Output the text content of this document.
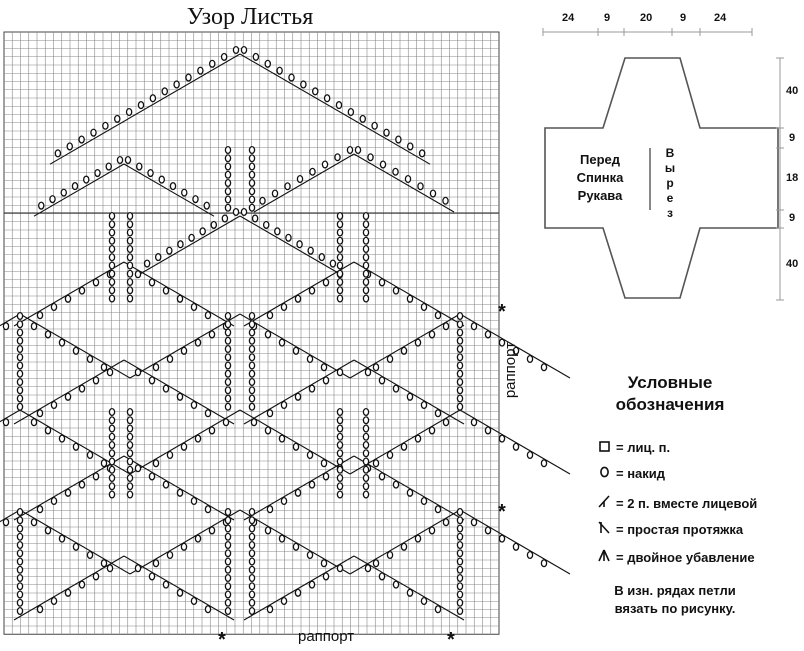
Узор Листья
раппорт
раппорт
*	*
*
*
24	9	20	9	24
40
9
18
9
40
Перед
Спинка
Рукава
В
ы
р
е
з
Условные
обозначения
= лиц. п.
= накид
= 2 п. вместе лицевой
= простая протяжка
= двойное убавление
В изн. рядах петли
вязать по рисунку.
